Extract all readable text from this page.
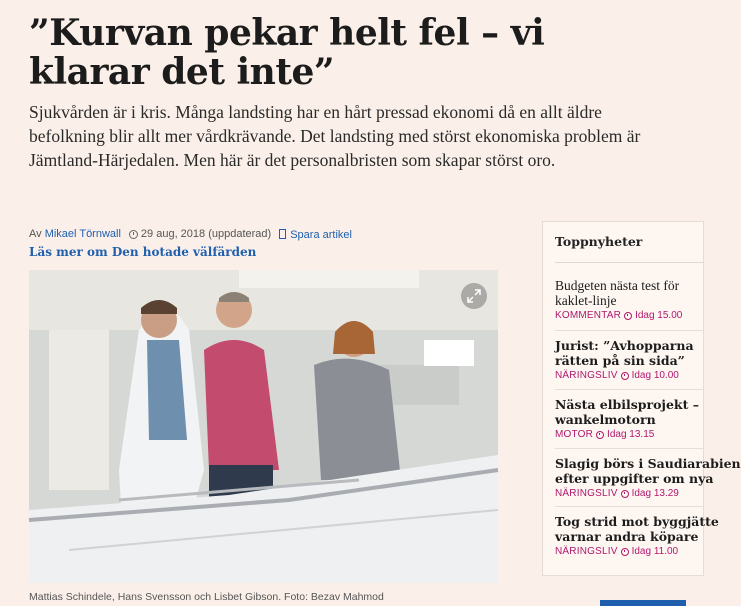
”Kurvan pekar helt fel – vi klarar det inte”

Sjukvården är i kris. Många landsting har en hårt pressad ekonomi då en allt äldre befolkning blir allt mer vårdkrävande. Det landsting med störst ekonomiska problem är Jämtland-Härjedalen. Men här är det personalbristen som skapar störst oro.

Av
Mikael Törnwall 29 aug, 2018 (uppdaterad)	Spara artikel
Läs mer om Den hotade välfärden
Mattias Schindele, Hans Svensson och Lisbet Gibson. Foto: Bezav Mahmod
Toppnyheter
Budgeten nästa test för
kaklet-linje
KOMMENTAR Idag 15.00
Jurist: ”Avhopparna
rätten på sin sida”
NÄRINGSLIV Idag 10.00
Nästa elbilsprojekt –
wankelmotorn
MOTOR Idag 13.15
Slagig börs i Saudiarabien
efter uppgifter om nya
NÄRINGSLIV Idag 13.29
Tog strid mot byggjätte
varnar andra köpare
NÄRINGSLIV Idag 11.00
